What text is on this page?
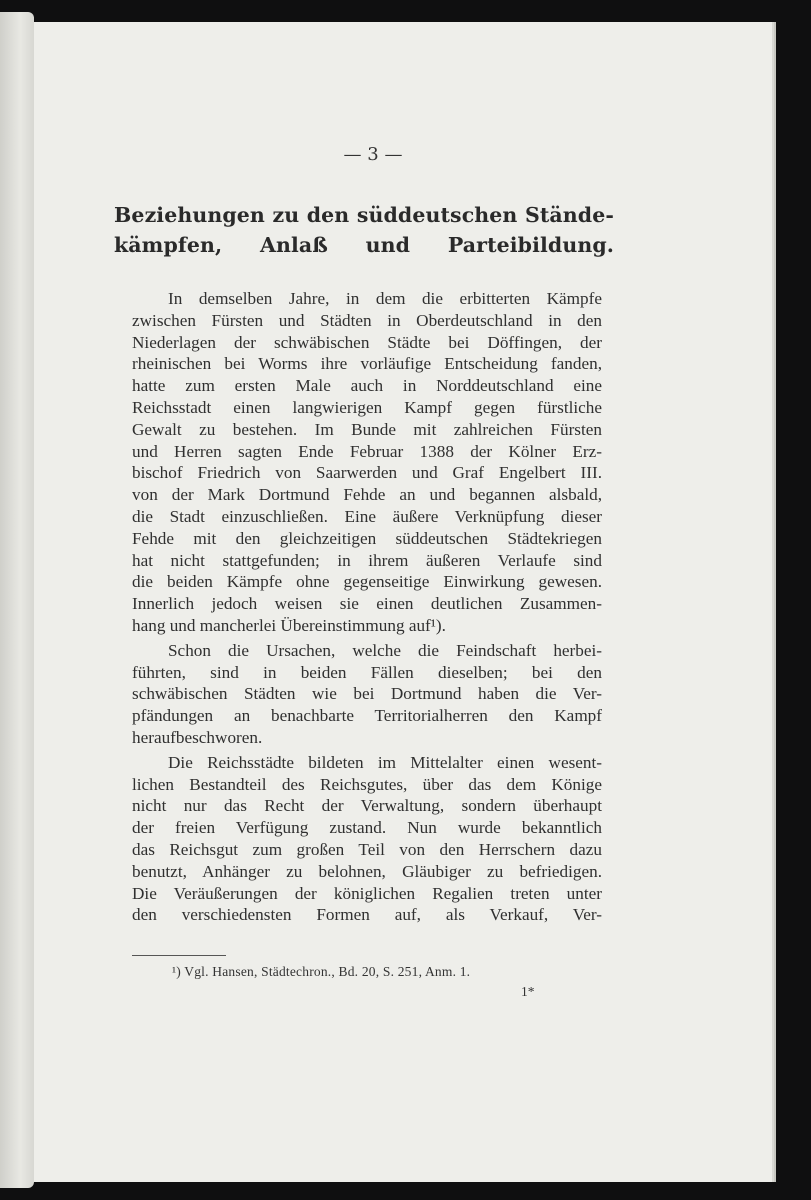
— 3 —
Beziehungen zu den süddeutschen Stände-
kämpfen, Anlaß und Parteibildung.

In demselben Jahre, in dem die erbitterten Kämpfe
zwischen Fürsten und Städten in Oberdeutschland in den
Niederlagen der schwäbischen Städte bei Döffingen, der
rheinischen bei Worms ihre vorläufige Entscheidung fanden,
hatte zum ersten Male auch in Norddeutschland eine
Reichsstadt einen langwierigen Kampf gegen fürstliche
Gewalt zu bestehen. Im Bunde mit zahlreichen Fürsten
und Herren sagten Ende Februar 1388 der Kölner Erz-
bischof Friedrich von Saarwerden und Graf Engelbert III.
von der Mark Dortmund Fehde an und begannen alsbald,
die Stadt einzuschließen. Eine äußere Verknüpfung dieser
Fehde mit den gleichzeitigen süddeutschen Städtekriegen
hat nicht stattgefunden; in ihrem äußeren Verlaufe sind
die beiden Kämpfe ohne gegenseitige Einwirkung gewesen.
Innerlich jedoch weisen sie einen deutlichen Zusammen-
hang und mancherlei Übereinstimmung auf¹).

Schon die Ursachen, welche die Feindschaft herbei-
führten, sind in beiden Fällen dieselben; bei den
schwäbischen Städten wie bei Dortmund haben die Ver-
pfändungen an benachbarte Territorialherren den Kampf
heraufbeschworen.

Die Reichsstädte bildeten im Mittelalter einen wesent-
lichen Bestandteil des Reichsgutes, über das dem Könige
nicht nur das Recht der Verwaltung, sondern überhaupt
der freien Verfügung zustand. Nun wurde bekanntlich
das Reichsgut zum großen Teil von den Herrschern dazu
benutzt, Anhänger zu belohnen, Gläubiger zu befriedigen.
Die Veräußerungen der königlichen Regalien treten unter
den verschiedensten Formen auf, als Verkauf, Ver-

¹) Vgl. Hansen, Städtechron., Bd. 20, S. 251, Anm. 1.
1*
